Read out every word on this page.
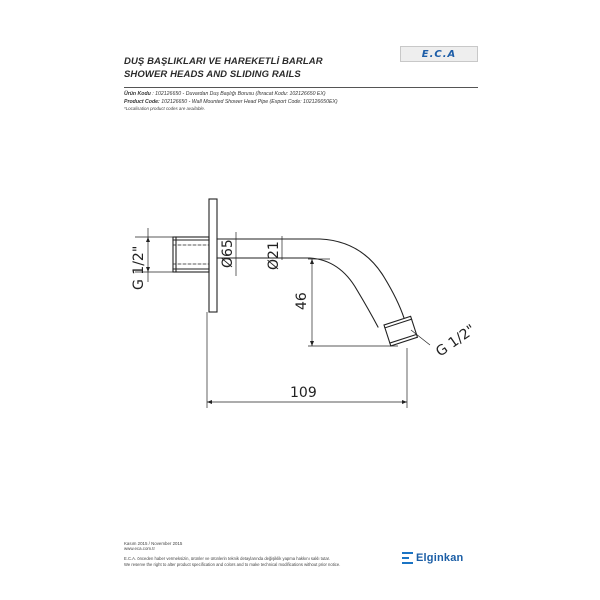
DUŞ BAŞLIKLARI VE HAREKETLİ BARLAR
SHOWER HEADS AND SLIDING RAILS
E.C.A
Ürün Kodu : 102126650 - Duvardan Duş Başlığı Borusu (İhracat Kodu: 102126650 EX)
Product Code: 102126650 - Wall Mounted Shower Head Pipe (Export Code: 102126650EX)
*Localisation product codes are available.
G 1/2"	Ø65 Ø21
46
G 1/2"
109
Kasım 2015 / November 2015
www.eca.com.tr
E.C.A. önceden haber vermeksizin, ürünler ve ürünlerin teknik detaylarında değişiklik yapma hakkını saklı tutar.
We reserve the right to alter product specification and colors and to make technical modifications without prior notice.
Elginkan
